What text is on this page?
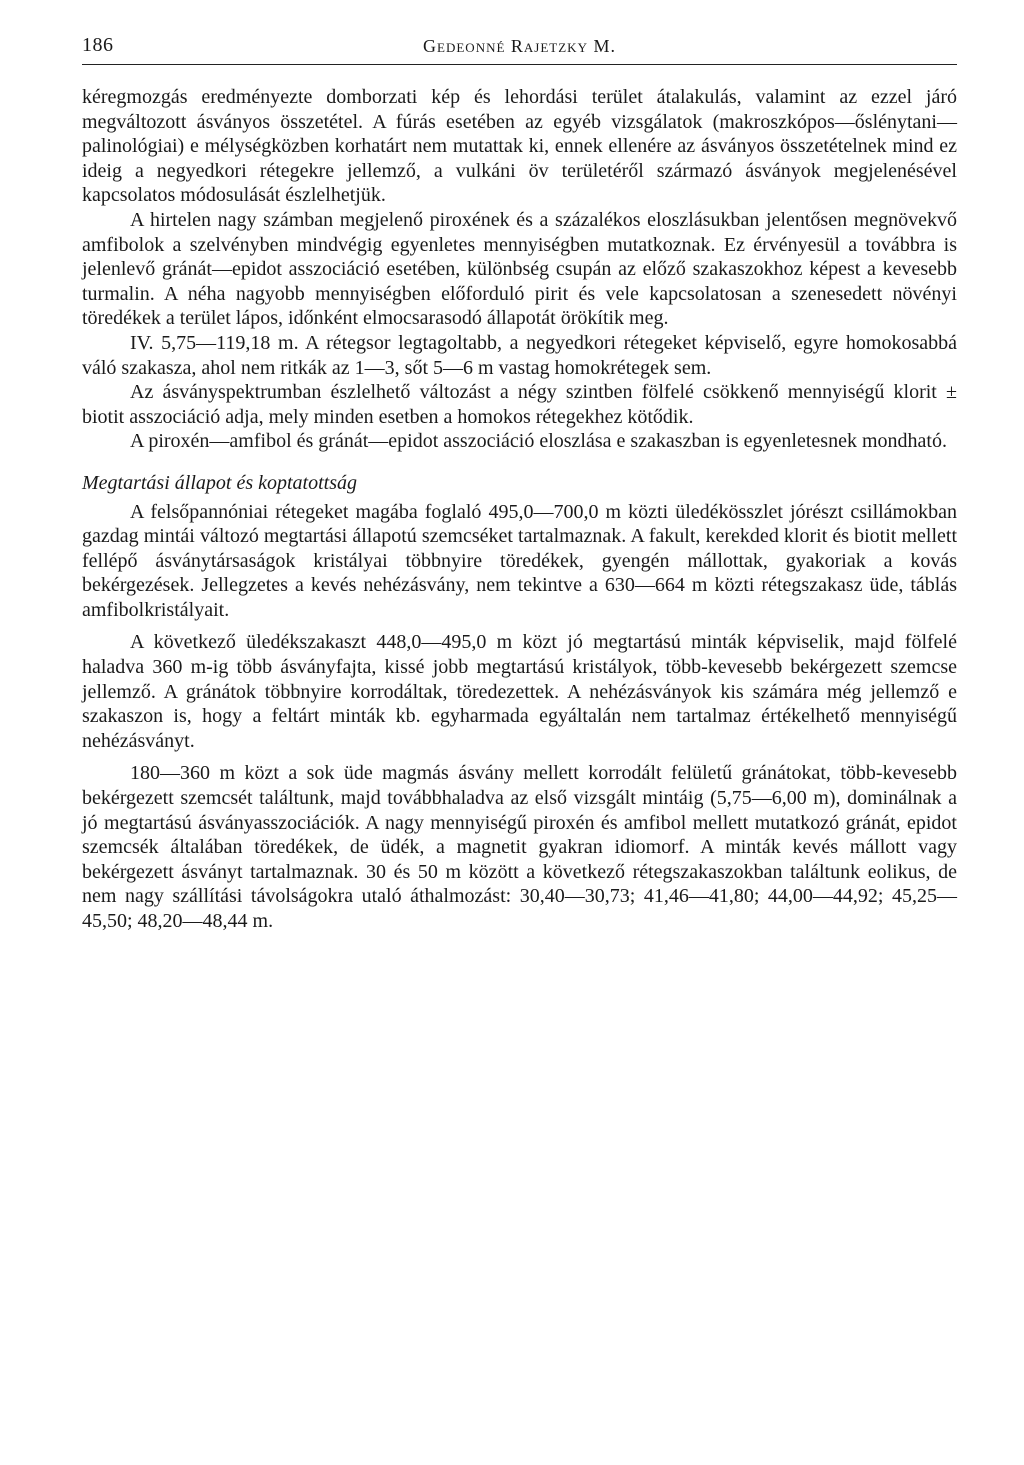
186	Gedeonné Rajetzky M.

kéregmozgás eredményezte domborzati kép és lehordási terület átalakulás, valamint az ezzel járó megváltozott ásványos összetétel. A fúrás esetében az egyéb vizsgálatok (makroszkópos—őslénytani—palinológiai) e mélységközben korhatárt nem mutattak ki, ennek ellenére az ásványos összetételnek mind ez ideig a negyedkori rétegekre jellemző, a vulkáni öv területéről származó ásványok megjelenésével kapcsolatos módosulását észlelhetjük.

A hirtelen nagy számban megjelenő piroxének és a százalékos eloszlásukban jelentősen megnövekvő amfibolok a szelvényben mindvégig egyenletes mennyiségben mutatkoznak. Ez érvényesül a továbbra is jelenlevő gránát—epidot asszociáció esetében, különbség csupán az előző szakaszokhoz képest a kevesebb turmalin. A néha nagyobb mennyiségben előforduló pirit és vele kapcsolatosan a szenesedett növényi töredékek a terület lápos, időnként elmocsarasodó állapotát örökítik meg.

IV. 5,75—119,18 m. A rétegsor legtagoltabb, a negyedkori rétegeket képviselő, egyre homokosabbá váló szakasza, ahol nem ritkák az 1—3, sőt 5—6 m vastag homokrétegek sem.

Az ásványspektrumban észlelhető változást a négy szintben fölfelé csökkenő mennyiségű klorit ± biotit asszociáció adja, mely minden esetben a homokos rétegekhez kötődik.

A piroxén—amfibol és gránát—epidot asszociáció eloszlása e szakaszban is egyenletesnek mondható.

Megtartási állapot és koptatottság

A felsőpannóniai rétegeket magába foglaló 495,0—700,0 m közti üledékösszlet jórészt csillámokban gazdag mintái változó megtartási állapotú szemcséket tartalmaznak. A fakult, kerekded klorit és biotit mellett fellépő ásványtársaságok kristályai többnyire töredékek, gyengén mállottak, gyakoriak a kovás bekérgezések. Jellegzetes a kevés nehézásvány, nem tekintve a 630—664 m közti rétegszakasz üde, táblás amfibolkristályait.

A következő üledékszakaszt 448,0—495,0 m közt jó megtartású minták képviselik, majd fölfelé haladva 360 m-ig több ásványfajta, kissé jobb megtartású kristályok, több-kevesebb bekérgezett szemcse jellemző. A gránátok többnyire korrodáltak, töredezettek. A nehézásványok kis számára még jellemző e szakaszon is, hogy a feltárt minták kb. egyharmada egyáltalán nem tartalmaz értékelhető mennyiségű nehézásványt.

180—360 m közt a sok üde magmás ásvány mellett korrodált felületű gránátokat, több-kevesebb bekérgezett szemcsét találtunk, majd továbbhaladva az első vizsgált mintáig (5,75—6,00 m), dominálnak a jó megtartású ásványasszociációk. A nagy mennyiségű piroxén és amfibol mellett mutatkozó gránát, epidot szemcsék általában töredékek, de üdék, a magnetit gyakran idiomorf. A minták kevés mállott vagy bekérgezett ásványt tartalmaznak. 30 és 50 m között a következő rétegszakaszokban találtunk eolikus, de nem nagy szállítási távolságokra utaló áthalmozást: 30,40—30,73; 41,46—41,80; 44,00—44,92; 45,25—45,50; 48,20—48,44 m.
